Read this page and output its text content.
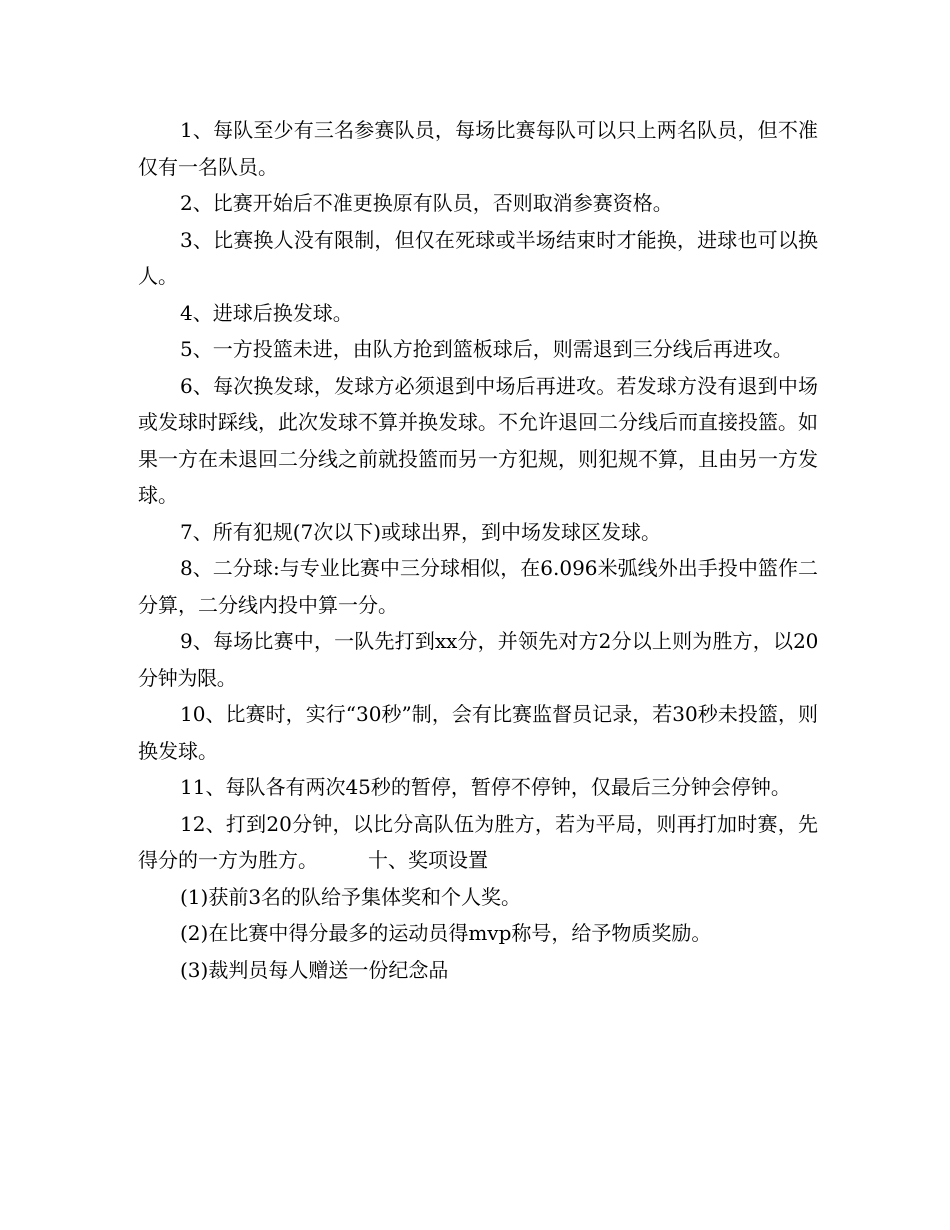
1、每队至少有三名参赛队员，每场比赛每队可以只上两名队员，但不准仅有一名队员。

2、比赛开始后不准更换原有队员，否则取消参赛资格。

3、比赛换人没有限制，但仅在死球或半场结束时才能换，进球也可以换人。

4、进球后换发球。

5、一方投篮未进，由队方抢到篮板球后，则需退到三分线后再进攻。

6、每次换发球，发球方必须退到中场后再进攻。若发球方没有退到中场或发球时踩线，此次发球不算并换发球。不允许退回二分线后而直接投篮。如果一方在未退回二分线之前就投篮而另一方犯规，则犯规不算，且由另一方发球。

7、所有犯规(7次以下)或球出界，到中场发球区发球。

8、二分球:与专业比赛中三分球相似，在6.096米弧线外出手投中篮作二分算，二分线内投中算一分。

9、每场比赛中，一队先打到xx分，并领先对方2分以上则为胜方，以20分钟为限。

10、比赛时，实行“30秒”制，会有比赛监督员记录，若30秒未投篮，则换发球。

11、每队各有两次45秒的暂停，暂停不停钟，仅最后三分钟会停钟。

12、打到20分钟，以比分高队伍为胜方，若为平局，则再打加时赛，先得分的一方为胜方。　　　十、奖项设置

(1)获前3名的队给予集体奖和个人奖。

(2)在比赛中得分最多的运动员得mvp称号，给予物质奖励。

(3)裁判员每人赠送一份纪念品
